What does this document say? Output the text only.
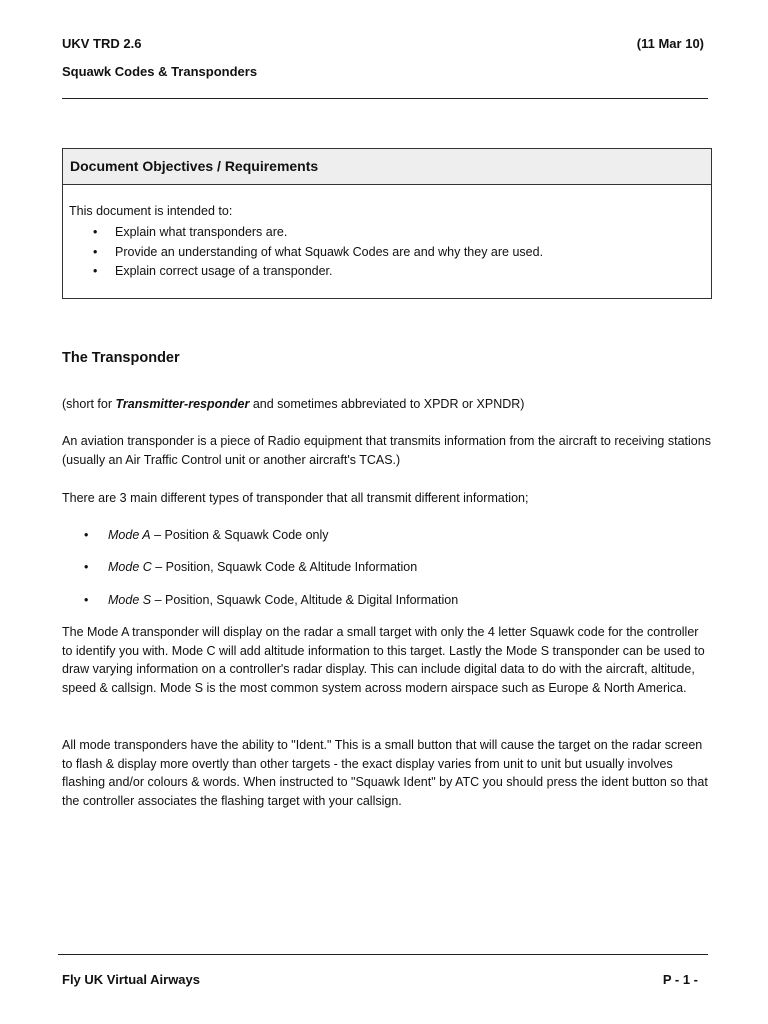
UKV TRD 2.6	(11 Mar 10)
Squawk Codes & Transponders
Document Objectives / Requirements
This document is intended to:
• Explain what transponders are.
• Provide an understanding of what Squawk Codes are and why they are used.
• Explain correct usage of a transponder.
The Transponder
(short for Transmitter-responder and sometimes abbreviated to XPDR or XPNDR)

An aviation transponder is a piece of Radio equipment that transmits information from the aircraft to receiving stations (usually an Air Traffic Control unit or another aircraft's TCAS.)

There are 3 main different types of transponder that all transmit different information;

• Mode A – Position & Squawk Code only
• Mode C – Position, Squawk Code & Altitude Information
• Mode S – Position, Squawk Code, Altitude & Digital Information

The Mode A transponder will display on the radar a small target with only the 4 letter Squawk code for the controller to identify you with. Mode C will add altitude information to this target. Lastly the Mode S transponder can be used to draw varying information on a controller's radar display. This can include digital data to do with the aircraft, altitude, speed & callsign. Mode S is the most common system across modern airspace such as Europe & North America.

All mode transponders have the ability to "Ident." This is a small button that will cause the target on the radar screen to flash & display more overtly than other targets - the exact display varies from unit to unit but usually involves flashing and/or colours & words. When instructed to "Squawk Ident" by ATC you should press the ident button so that the controller associates the flashing target with your callsign.

Fly UK Virtual Airways	P - 1 -
